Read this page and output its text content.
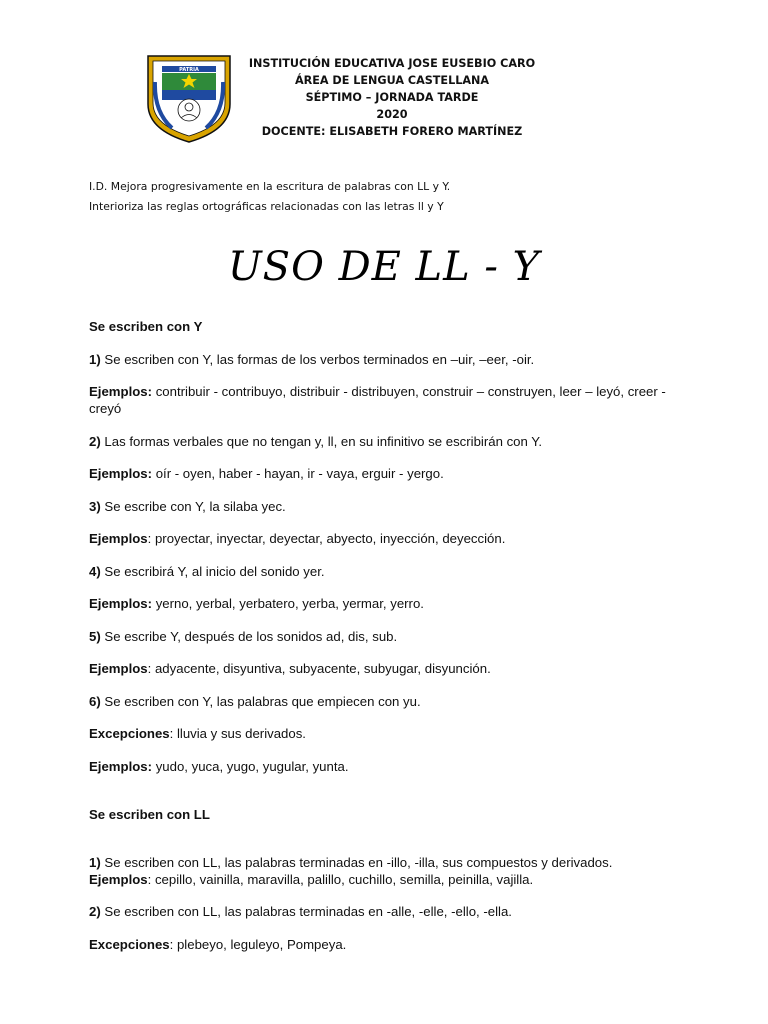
PATRIA	INSTITUCIÓN EDUCATIVA JOSE EUSEBIO CARO
ÁREA DE LENGUA CASTELLANA
SÉPTIMO – JORNADA TARDE
2020
DOCENTE: ELISABETH FORERO MARTÍNEZ
I.D. Mejora progresivamente en la escritura de palabras con LL y Y.
Interioriza las reglas ortográficas relacionadas con las letras ll y Y
USO DE LL - Y

Se escriben con Y

1) Se escriben con Y, las formas de los verbos terminados en –uir, –eer, -oir.

Ejemplos: contribuir - contribuyo, distribuir - distribuyen, construir – construyen, leer – leyó, creer - creyó

2) Las formas verbales que no tengan y, ll, en su infinitivo se escribirán con Y.

Ejemplos: oír - oyen, haber - hayan, ir - vaya, erguir - yergo.

3) Se escribe con Y, la silaba yec.

Ejemplos: proyectar, inyectar, deyectar, abyecto, inyección, deyección.

4) Se escribirá Y, al inicio del sonido yer.

Ejemplos: yerno, yerbal, yerbatero, yerba, yermar, yerro.

5) Se escribe Y, después de los sonidos ad, dis, sub.

Ejemplos: adyacente, disyuntiva, subyacente, subyugar, disyunción.

6) Se escriben con Y, las palabras que empiecen con yu.

Excepciones: lluvia y sus derivados.

Ejemplos: yudo, yuca, yugo, yugular, yunta.

Se escriben con LL

1) Se escriben con LL, las palabras terminadas en -illo, -illa, sus compuestos y derivados.
Ejemplos: cepillo, vainilla, maravilla, palillo, cuchillo, semilla, peinilla, vajilla.

2) Se escriben con LL, las palabras terminadas en -alle, -elle, -ello, -ella.

Excepciones: plebeyo, leguleyo, Pompeya.
